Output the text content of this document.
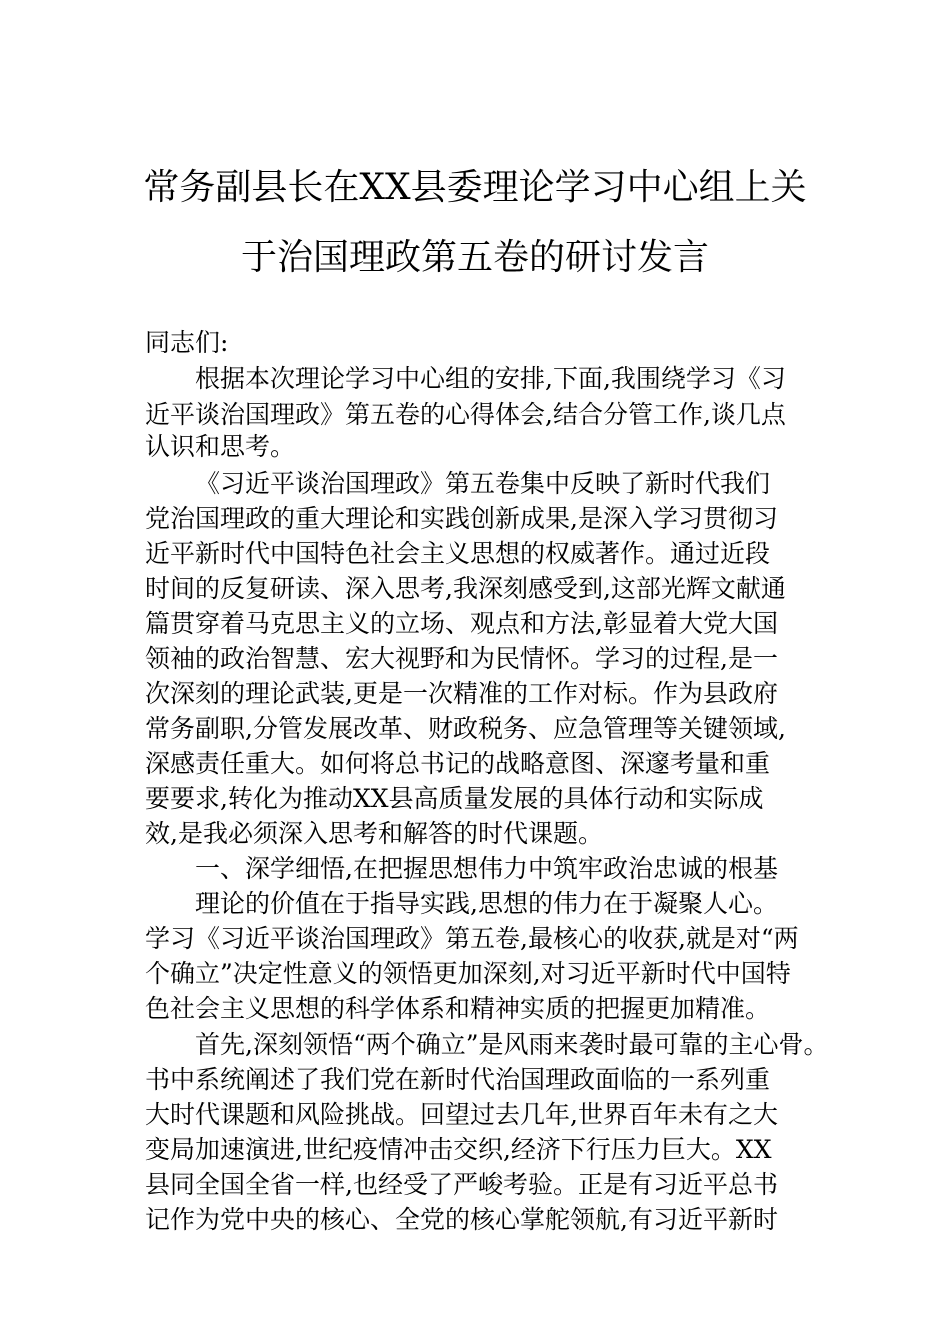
常务副县长在XX县委理论学习中心组上关
于治国理政第五卷的研讨发言
同志们:
根据本次理论学习中心组的安排,下面,我围绕学习《习
近平谈治国理政》第五卷的心得体会,结合分管工作,谈几点
认识和思考。
《习近平谈治国理政》第五卷集中反映了新时代我们
党治国理政的重大理论和实践创新成果,是深入学习贯彻习
近平新时代中国特色社会主义思想的权威著作。通过近段
时间的反复研读、深入思考,我深刻感受到,这部光辉文献通
篇贯穿着马克思主义的立场、观点和方法,彰显着大党大国
领袖的政治智慧、宏大视野和为民情怀。学习的过程,是一
次深刻的理论武装,更是一次精准的工作对标。作为县政府
常务副职,分管发展改革、财政税务、应急管理等关键领域,
深感责任重大。如何将总书记的战略意图、深邃考量和重
要要求,转化为推动XX县高质量发展的具体行动和实际成
效,是我必须深入思考和解答的时代课题。
一、深学细悟,在把握思想伟力中筑牢政治忠诚的根基
理论的价值在于指导实践,思想的伟力在于凝聚人心。
学习《习近平谈治国理政》第五卷,最核心的收获,就是对“两
个确立”决定性意义的领悟更加深刻,对习近平新时代中国特
色社会主义思想的科学体系和精神实质的把握更加精准。
首先,深刻领悟“两个确立”是风雨来袭时最可靠的主心骨。
书中系统阐述了我们党在新时代治国理政面临的一系列重
大时代课题和风险挑战。回望过去几年,世界百年未有之大
变局加速演进,世纪疫情冲击交织,经济下行压力巨大。XX
县同全国全省一样,也经受了严峻考验。正是有习近平总书
记作为党中央的核心、全党的核心掌舵领航,有习近平新时
